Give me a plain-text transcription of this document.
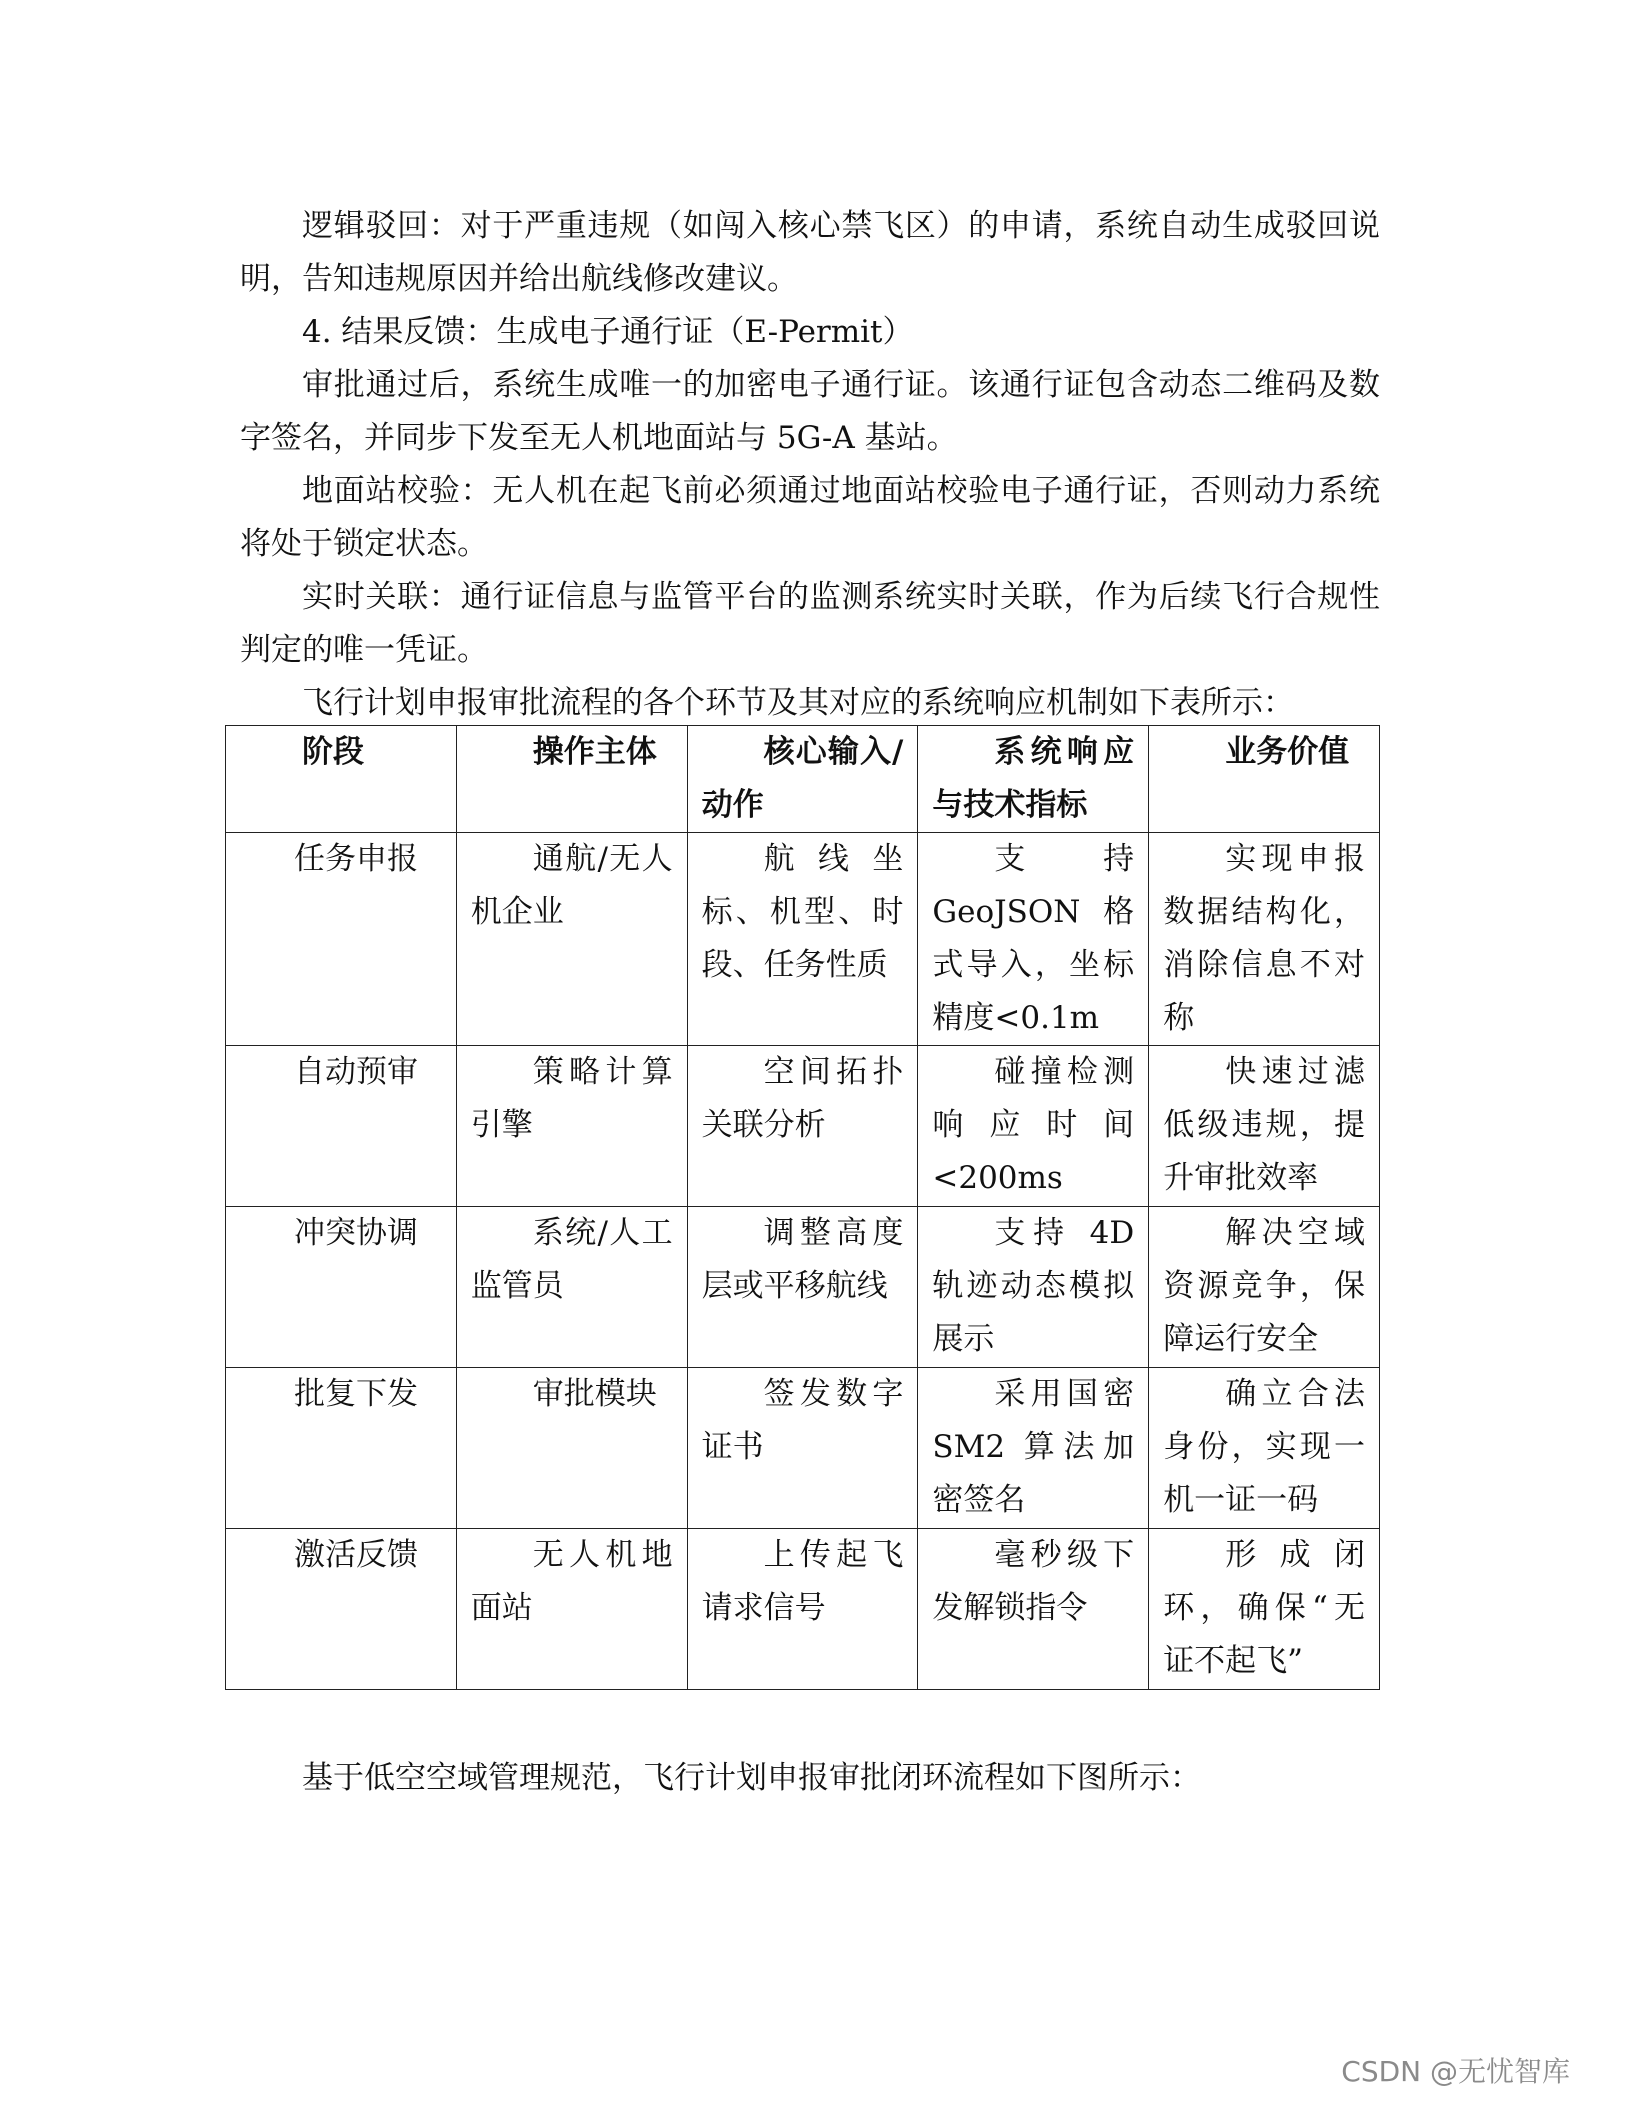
逻辑驳回：对于严重违规（如闯入核心禁飞区）的申请，系统自动生成驳回说明，告知违规原因并给出航线修改建议。

4. 结果反馈：生成电子通行证（E-Permit）

审批通过后，系统生成唯一的加密电子通行证。该通行证包含动态二维码及数字签名，并同步下发至无人机地面站与 5G-A 基站。

地面站校验：无人机在起飞前必须通过地面站校验电子通行证，否则动力系统将处于锁定状态。

实时关联：通行证信息与监管平台的监测系统实时关联，作为后续飞行合规性判定的唯一凭证。

飞行计划申报审批流程的各个环节及其对应的系统响应机制如下表所示：

阶段	操作主体	核心输入/动作	系统响应与技术指标	业务价值
任务申报	通航/无人机企业	航线坐标、机型、时段、任务性质	支持 GeoJSON 格式导入，坐标精度<0.1m	实现申报数据结构化，消除信息不对称
自动预审	策略计算引擎	空间拓扑关联分析	碰撞检测响应时间 <200ms	快速过滤低级违规，提升审批效率
冲突协调	系统/人工监管员	调整高度层或平移航线	支持 4D 轨迹动态模拟展示	解决空域资源竞争，保障运行安全
批复下发	审批模块	签发数字证书	采用国密 SM2 算法加密签名	确立合法身份，实现一机一证一码
激活反馈	无人机地面站	上传起飞请求信号	毫秒级下发解锁指令	形成闭环，确保“无证不起飞”

基于低空空域管理规范，飞行计划申报审批闭环流程如下图所示：

CSDN @无忧智库
